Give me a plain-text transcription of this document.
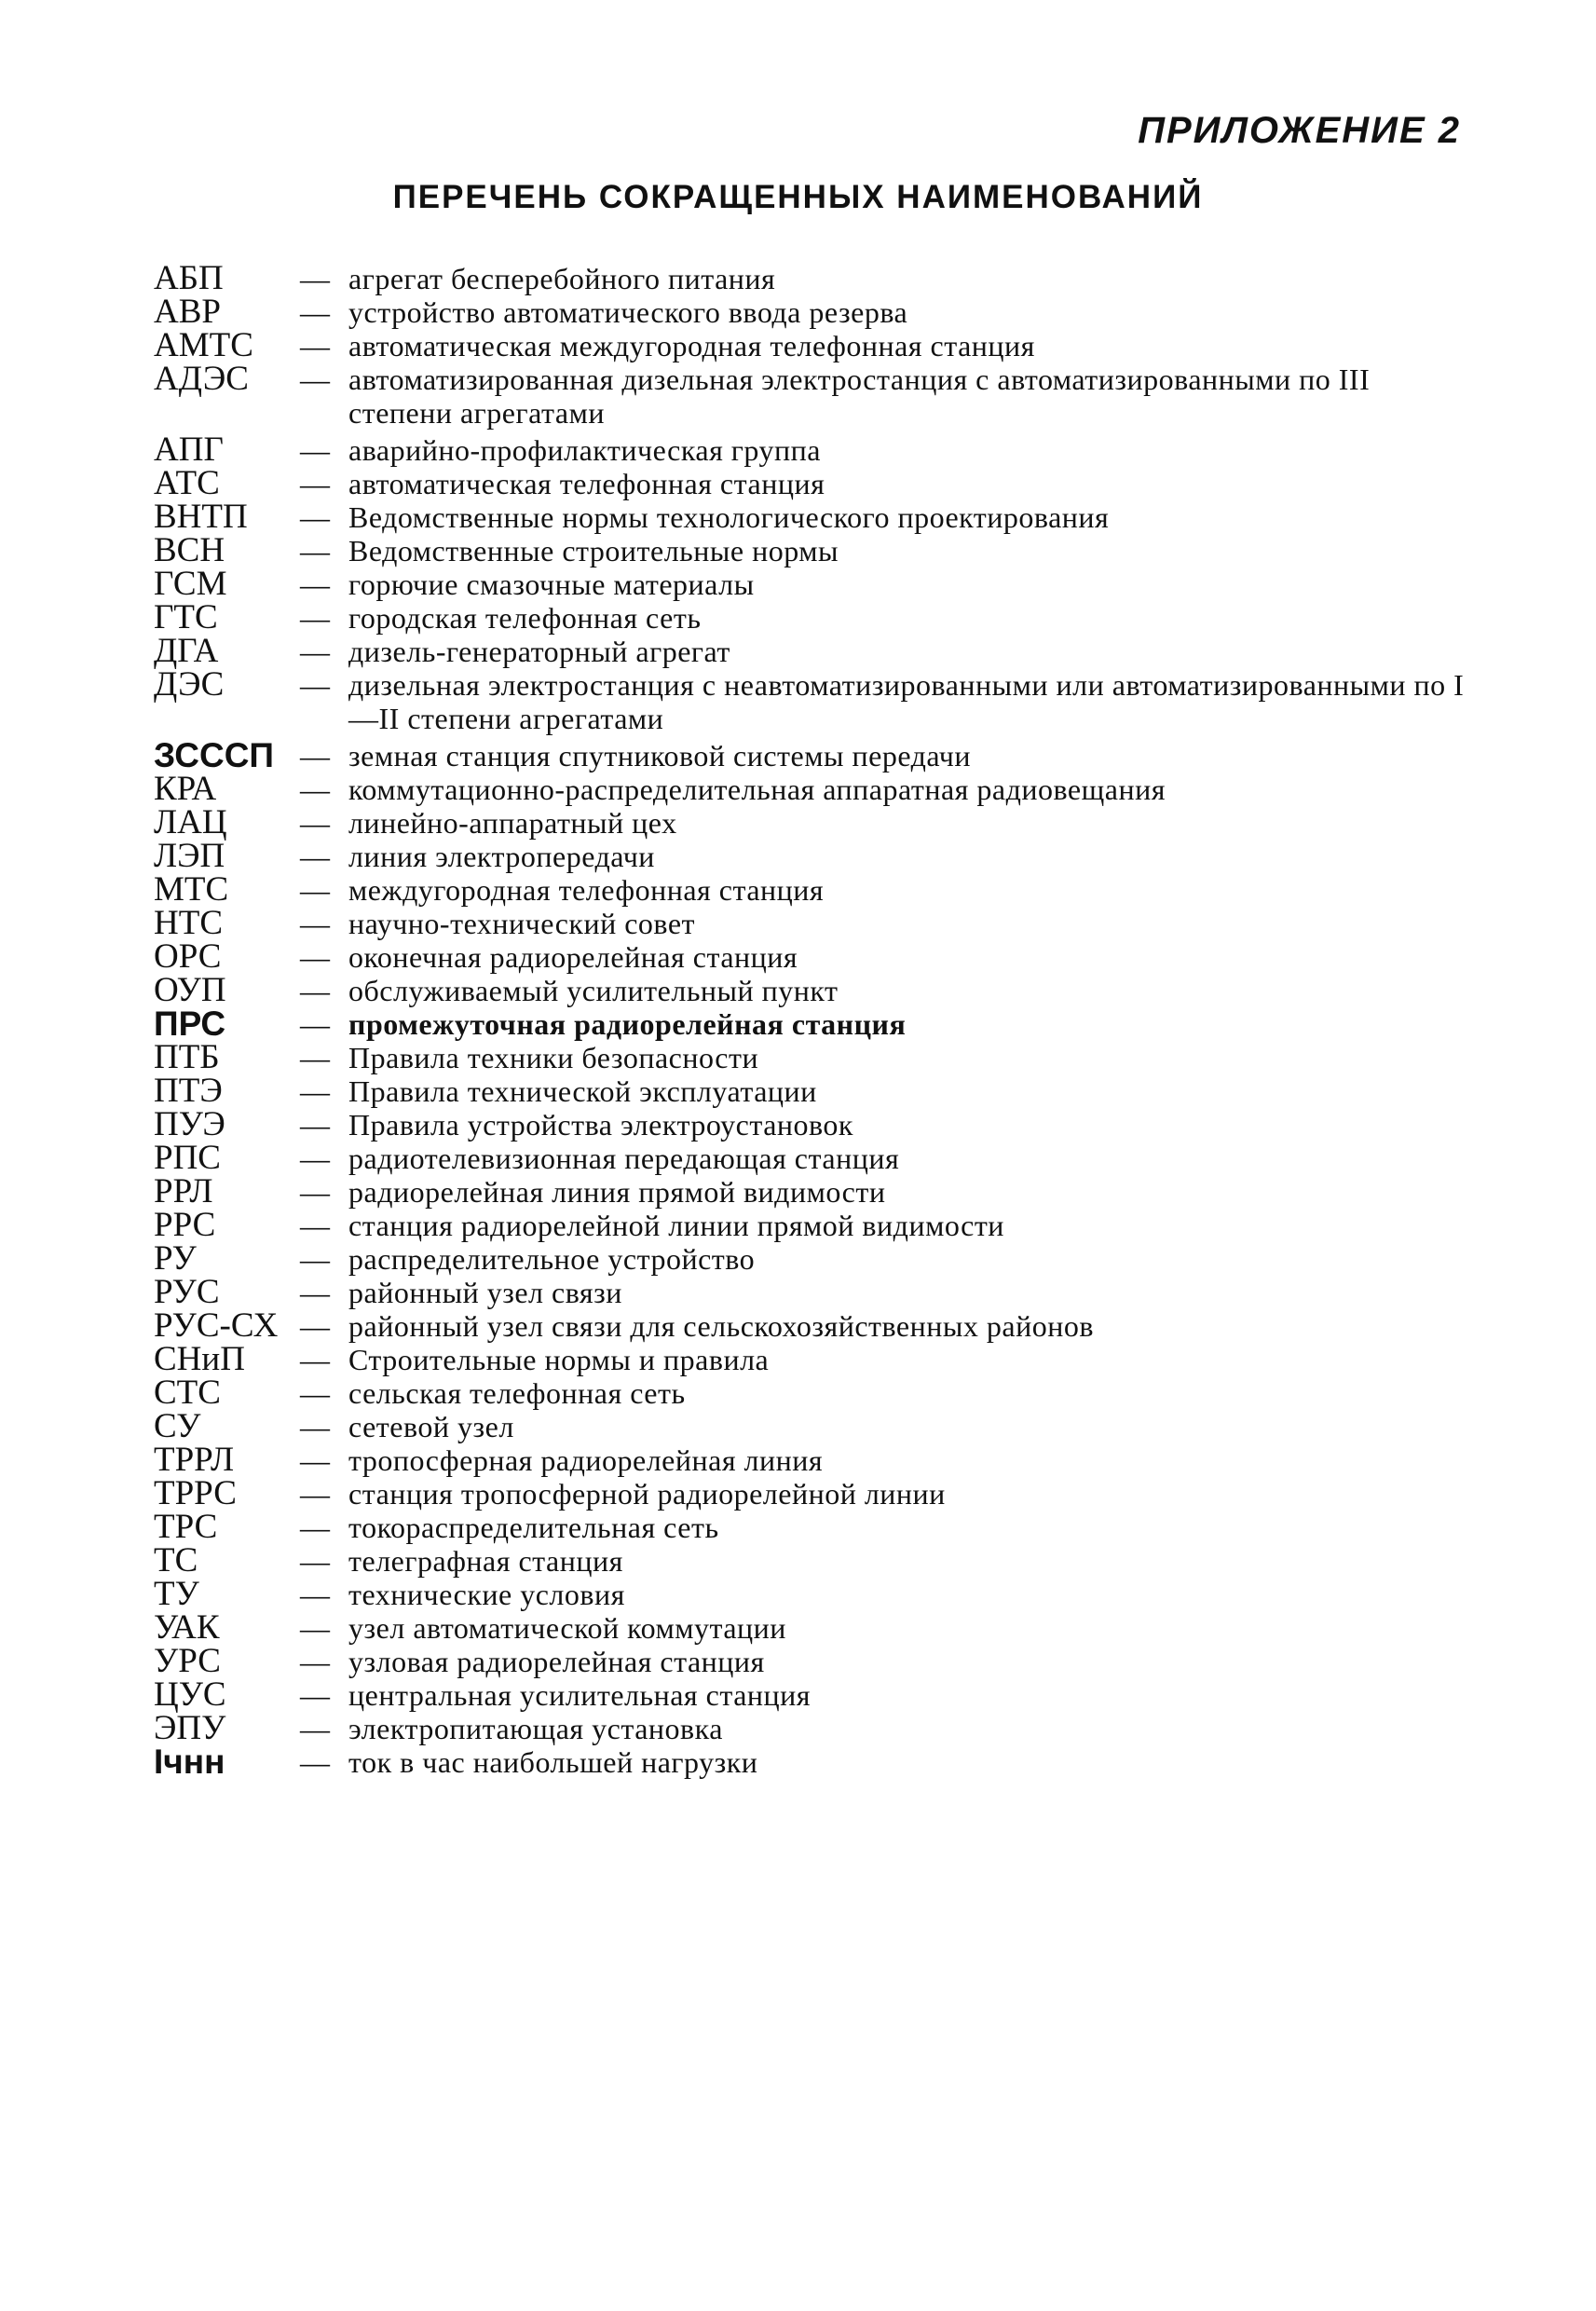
ПРИЛОЖЕНИЕ 2
ПЕРЕЧЕНЬ СОКРАЩЕННЫХ НАИМЕНОВАНИЙ
АБП	— агрегат бесперебойного питания
АВР	— устройство автоматического ввода резерва
АМТС	— автоматическая междугородная телефонная станция
АДЭС	— автоматизированная дизельная электростанция с автоматизированными по III степени агрегатами
АПГ	— аварийно-профилактическая группа
АТС	— автоматическая телефонная станция
ВНТП	— Ведомственные нормы технологического проектирования
ВСН	— Ведомственные строительные нормы
ГСМ	— горючие смазочные материалы
ГТС	— городская телефонная сеть
ДГА	— дизель-генераторный агрегат
ДЭС	— дизельная электростанция с неавтоматизированными или автоматизированными по I—II степени агрегатами
ЗСССП — земная станция спутниковой системы передачи
КРА	— коммутационно-распределительная аппаратная радиовещания
ЛАЦ	— линейно-аппаратный цех
ЛЭП	— линия электропередачи
МТС	— междугородная телефонная станция
НТС	— научно-технический совет
ОРС	— оконечная радиорелейная станция
ОУП	— обслуживаемый усилительный пункт
ПРС	— промежуточная радиорелейная станция
ПТБ	— Правила техники безопасности
ПТЭ	— Правила технической эксплуатации
ПУЭ	— Правила устройства электроустановок
РПС	— радиотелевизионная передающая станция
РРЛ	— радиорелейная линия прямой видимости
РРС	— станция радиорелейной линии прямой видимости
РУ	— распределительное устройство
РУС	— районный узел связи
РУС-СХ — районный узел связи для сельскохозяйственных районов
СНиП	— Строительные нормы и правила
СТС	— сельская телефонная сеть
СУ	— сетевой узел
ТРРЛ	— тропосферная радиорелейная линия
ТРРС	— станция тропосферной радиорелейной линии
ТРС	— токораспределительная сеть
ТС	— телеграфная станция
ТУ	— технические условия
УАК	— узел автоматической коммутации
УРС	— узловая радиорелейная станция
ЦУС	— центральная усилительная станция
ЭПУ	— электропитающая установка
Iчнн	— ток в час наибольшей нагрузки
